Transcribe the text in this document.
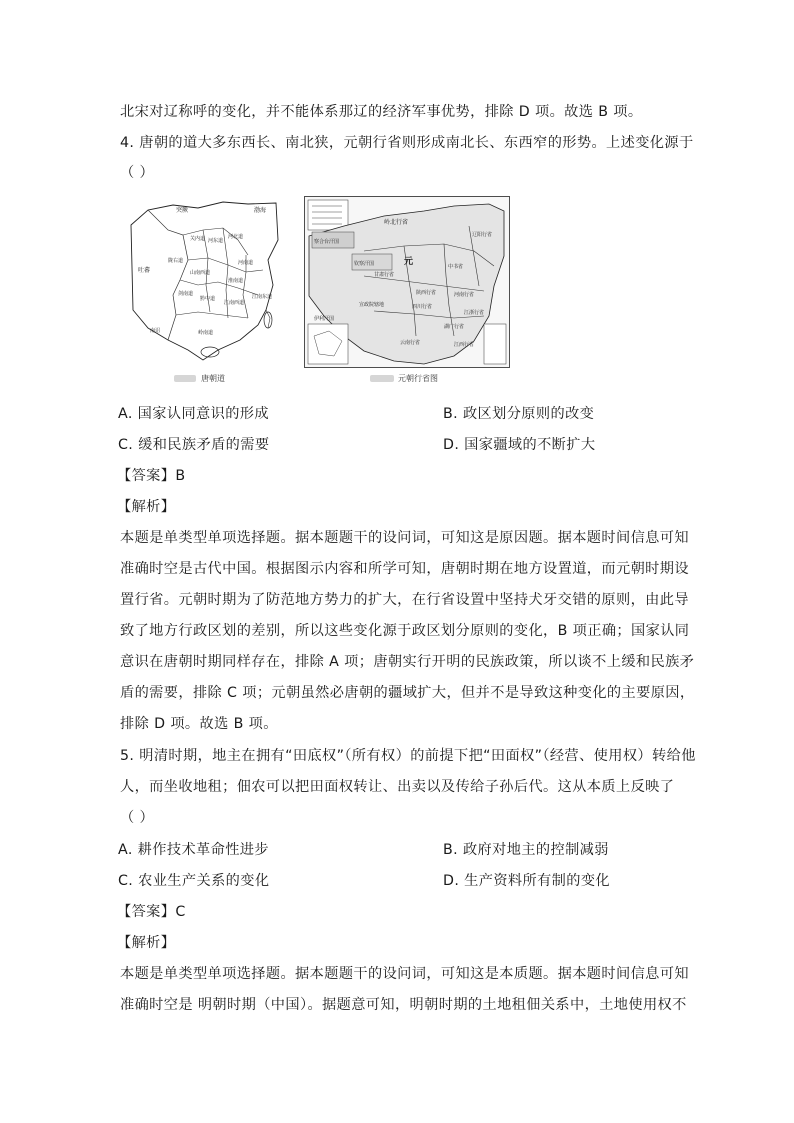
北宋对辽称呼的变化，并不能体系那辽的经济军事优势，排除 D 项。故选 B 项。
4. 唐朝的道大多东西长、南北狭，元朝行省则形成南北长、东西窄的形势。上述变化源于
（ ）
突厥	渤海
关内道	河北道
河东道
吐蕃
陇右道
山南西道
河南道
淮南道
剑南道
黔中道
江南西道
江南东道
岭南道
南诏
唐朝道
岭北行省
辽阳行省
中书省
甘肃行省
陕西行省	河南行省
四川行省
湖广行省
江浙行省
云南行省	江西行省
宣政院辖地
元
察合台汗国
钦察汗国
伊利汗国
元朝行省图
A. 国家认同意识的形成	B. 政区划分原则的改变
C. 缓和民族矛盾的需要	D. 国家疆域的不断扩大
【答案】B
【解析】
本题是单类型单项选择题。据本题题干的设问词，可知这是原因题。据本题时间信息可知
准确时空是古代中国。根据图示内容和所学可知，唐朝时期在地方设置道，而元朝时期设
置行省。元朝时期为了防范地方势力的扩大，在行省设置中坚持犬牙交错的原则，由此导
致了地方行政区划的差别，所以这些变化源于政区划分原则的变化，B 项正确；国家认同
意识在唐朝时期同样存在，排除 A 项；唐朝实行开明的民族政策，所以谈不上缓和民族矛
盾的需要，排除 C 项；元朝虽然必唐朝的疆域扩大，但并不是导致这种变化的主要原因，
排除 D 项。故选 B 项。
5. 明清时期，地主在拥有“田底权”（所有权）的前提下把“田面权”（经营、使用权）转给他
人，而坐收地租；佃农可以把田面权转让、出卖以及传给子孙后代。这从本质上反映了
（ ）
A. 耕作技术革命性进步	B. 政府对地主的控制减弱
C. 农业生产关系的变化	D. 生产资料所有制的变化
【答案】C
【解析】
本题是单类型单项选择题。据本题题干的设问词，可知这是本质题。据本题时间信息可知
准确时空是 明朝时期（中国）。据题意可知，明朝时期的土地租佃关系中，土地使用权不
